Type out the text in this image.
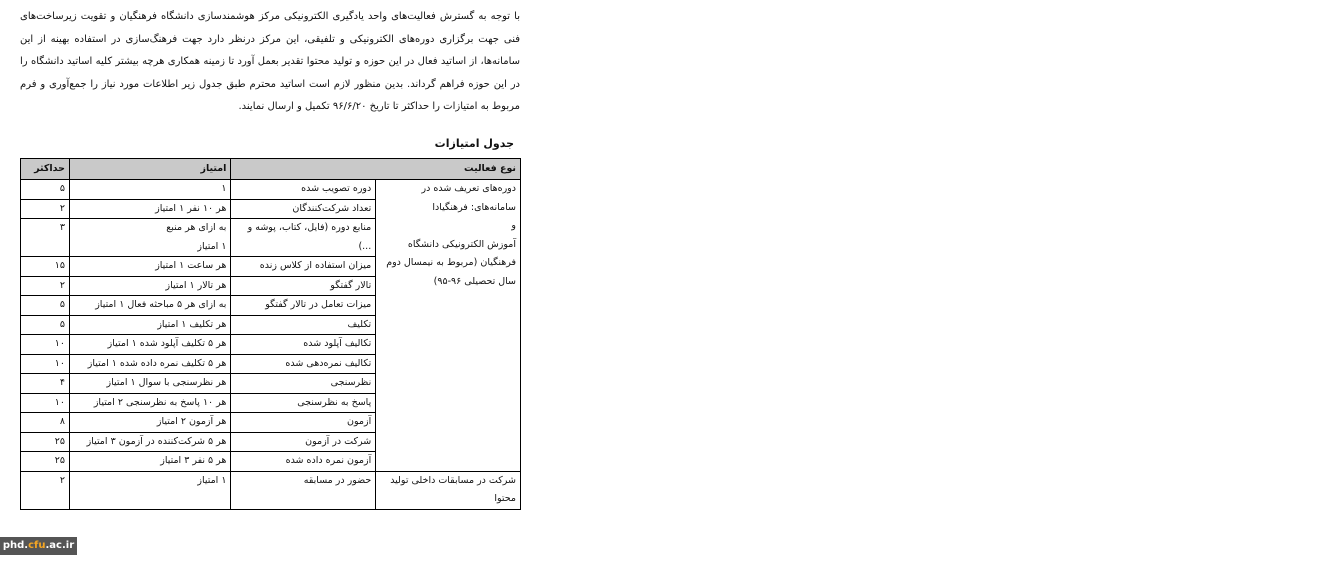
با توجه به گسترش فعالیت‌های واحد یادگیری الکترونیکی مرکز هوشمندسازی دانشگاه فرهنگیان و تقویت زیرساخت‌های فنی جهت برگزاری دوره‌های الکترونیکی و تلفیقی، این مرکز درنظر دارد جهت فرهنگ‌سازی در استفاده بهینه از این سامانه‌ها، از اساتید فعال در این حوزه و تولید محتوا تقدیر بعمل آورد تا زمینه همکاری هرچه بیشتر کلیه اساتید دانشگاه را در این حوزه فراهم گرداند. بدین منظور لازم است اساتید محترم طبق جدول زیر اطلاعات مورد نیاز را جمع‌آوری و فرم مربوط به امتیازات را حداکثر تا تاریخ ۹۶/۶/۲۰ تکمیل و ارسال نمایند.

جدول امتیازات
نوع فعالیت		امتیاز	حداکثر
دوره‌های تعریف شده در سامانه‌های: فرهنگیادا
و
آموزش الکترونیکی دانشگاه فرهنگیان (مربوط به نیمسال دوم سال تحصیلی ۹۶-۹۵)	دوره تصویب شده	۱	۵
	تعداد شرکت‌کنندگان	هر ۱۰ نفر ۱ امتیاز	۲
	منابع دوره (فایل، کتاب، پوشه و ...)	به ازای هر منبع
۱ امتیاز	۳
	میزان استفاده از کلاس زنده	هر ساعت ۱ امتیاز	۱۵
	تالار گفتگو	هر تالار ۱ امتیاز	۲
	میزات تعامل در تالار گفتگو	به ازای هر ۵ مباحثه فعال ۱ امتیاز	۵
	تکلیف	هر تکلیف ۱ امتیاز	۵
	تکالیف آپلود شده	هر ۵ تکلیف آپلود شده ۱ امتیاز	۱۰
	تکالیف نمره‌دهی شده	هر ۵ تکلیف نمره داده شده ۱ امتیاز	۱۰
	نظرسنجی	هر نظرسنجی با سوال ۱ امتیاز	۴
	پاسخ به نظرسنجی	هر ۱۰ پاسخ به نظرسنجی ۲ امتیاز	۱۰
	آزمون	هر آزمون ۲ امتیاز	۸
	شرکت در آزمون	هر ۵ شرکت‌کننده در آزمون ۳ امتیاز	۲۵
	آزمون نمره داده شده	هر ۵ نفر ۳ امتیاز	۲۵
شرکت در مسابقات داخلی تولید محتوا	حضور در مسابقه	۱ امتیاز	۲
phd.cfu.ac.ir
